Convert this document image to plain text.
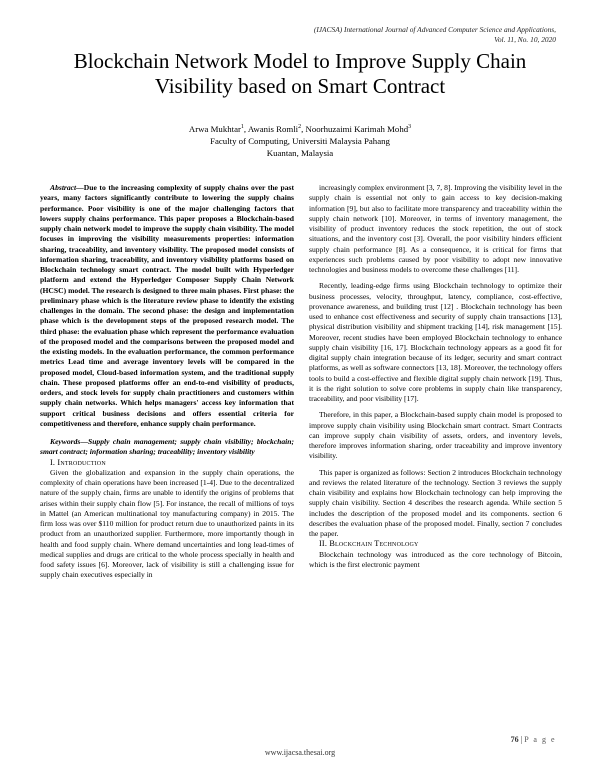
(IJACSA) International Journal of Advanced Computer Science and Applications,
Vol. 11, No. 10, 2020
Blockchain Network Model to Improve Supply Chain Visibility based on Smart Contract
Arwa Mukhtar$^1$, Awanis Romli$^2$, Noorhuzaimi Karimah Mohd$^3$
Faculty of Computing, Universiti Malaysia Pahang
Kuantan, Malaysia

Abstract—Due to the increasing complexity of supply chains over the past years, many factors significantly contribute to lowering the supply chains performance. Poor visibility is one of the major challenging factors that lowers supply chains performance. This paper proposes a Blockchain-based supply chain network model to improve the supply chain visibility. The model focuses in improving the visibility measurements properties: information sharing, traceability, and inventory visibility. The proposed model consists of information sharing, traceability, and inventory visibility platforms based on Blockchain technology smart contract. The model built with Hyperledger platform and extend the Hyperledger Composer Supply Chain Network (HCSC) model. The research is designed to three main phases. First phase: the preliminary phase which is the literature review phase to identify the existing challenges in the domain. The second phase: the design and implementation phase which is the development steps of the proposed research model. The third phase: the evaluation phase which represent the performance evaluation of the proposed model and the comparisons between the proposed model and the existing models. In the evaluation performance, the common performance metrics Lead time and average inventory levels will be compared in the proposed model, Cloud-based information system, and the traditional supply chain. These proposed platforms offer an end-to-end visibility of products, orders, and stock levels for supply chain practitioners and customers within supply chain networks. Which helps managers' access key information that support critical business decisions and offers essential criteria for competitiveness and therefore, enhance supply chain performance.

Keywords—Supply chain management; supply chain visibility; blockchain; smart contract; information sharing; traceability; inventory visibility

I. Introduction

Given the globalization and expansion in the supply chain operations, the complexity of chain operations have been increased [1-4]. Due to the decentralized nature of the supply chain, firms are unable to identify the origins of problems that arises within their supply chain flow [5]. For instance, the recall of millions of toys in Mattel (an American multinational toy manufacturing company) in 2015. The firm loss was over $110 million for product return due to unauthorized paints in its product from an unauthorized supplier. Furthermore, more importantly though in health and food supply chain. Where demand uncertainties and long lead-times of medical supplies and drugs are critical to the whole process specially in health and food safety issues [6]. Moreover, lack of visibility is still a challenging issue for supply chain executives especially in

increasingly complex environment [3, 7, 8]. Improving the visibility level in the supply chain is essential not only to gain access to key decision-making information [9], but also to facilitate more transparency and traceability within the supply chain network [10]. Moreover, in terms of inventory management, the visibility of product inventory reduces the stock repetition, the out of stock situations, and the inventory cost [3]. Overall, the poor visibility hinders efficient supply chain performance [8]. As a consequence, it is critical for firms that experiences such problems caused by poor visibility to adopt new innovative technologies and business models to overcome these challenges [11].

Recently, leading-edge firms using Blockchain technology to optimize their business processes, velocity, throughput, latency, compliance, cost-effective, provenance awareness, and building trust [12] . Blockchain technology has been used to enhance cost effectiveness and security of supply chain transactions [13], physical distribution visibility and shipment tracking [14], risk management [15]. Moreover, recent studies have been employed Blockchain technology to enhance supply chain visibility [16, 17]. Blockchain technology appears as a good fit for digital supply chain integration because of its ledger, security and smart contract platforms, as well as software connectors [13, 18]. Moreover, the technology offers tools to build a cost-effective and flexible digital supply chain network [19]. Thus, it is the right solution to solve core problems in supply chain like transparency, traceability, and poor visibility [17].

Therefore, in this paper, a Blockchain-based supply chain model is proposed to improve supply chain visibility using Blockchain smart contract. Smart Contracts can improve supply chain visibility of assets, orders, and inventory levels, therefore improves information sharing, order traceability and improve inventory visibility.

This paper is organized as follows: Section 2 introduces Blockchain technology and reviews the related literature of the technology. Section 3 reviews the supply chain visibility and explains how Blockchain technology can help improving the supply chain visibility. Section 4 describes the research agenda. While section 5 includes the description of the proposed model and its components. section 6 describes the evaluation phase of the proposed model. Finally, section 7 concludes the paper.

II. Blockchain Technology

Blockchain technology was introduced as the core technology of Bitcoin, which is the first electronic payment

76 | P a g e
www.ijacsa.thesai.org
